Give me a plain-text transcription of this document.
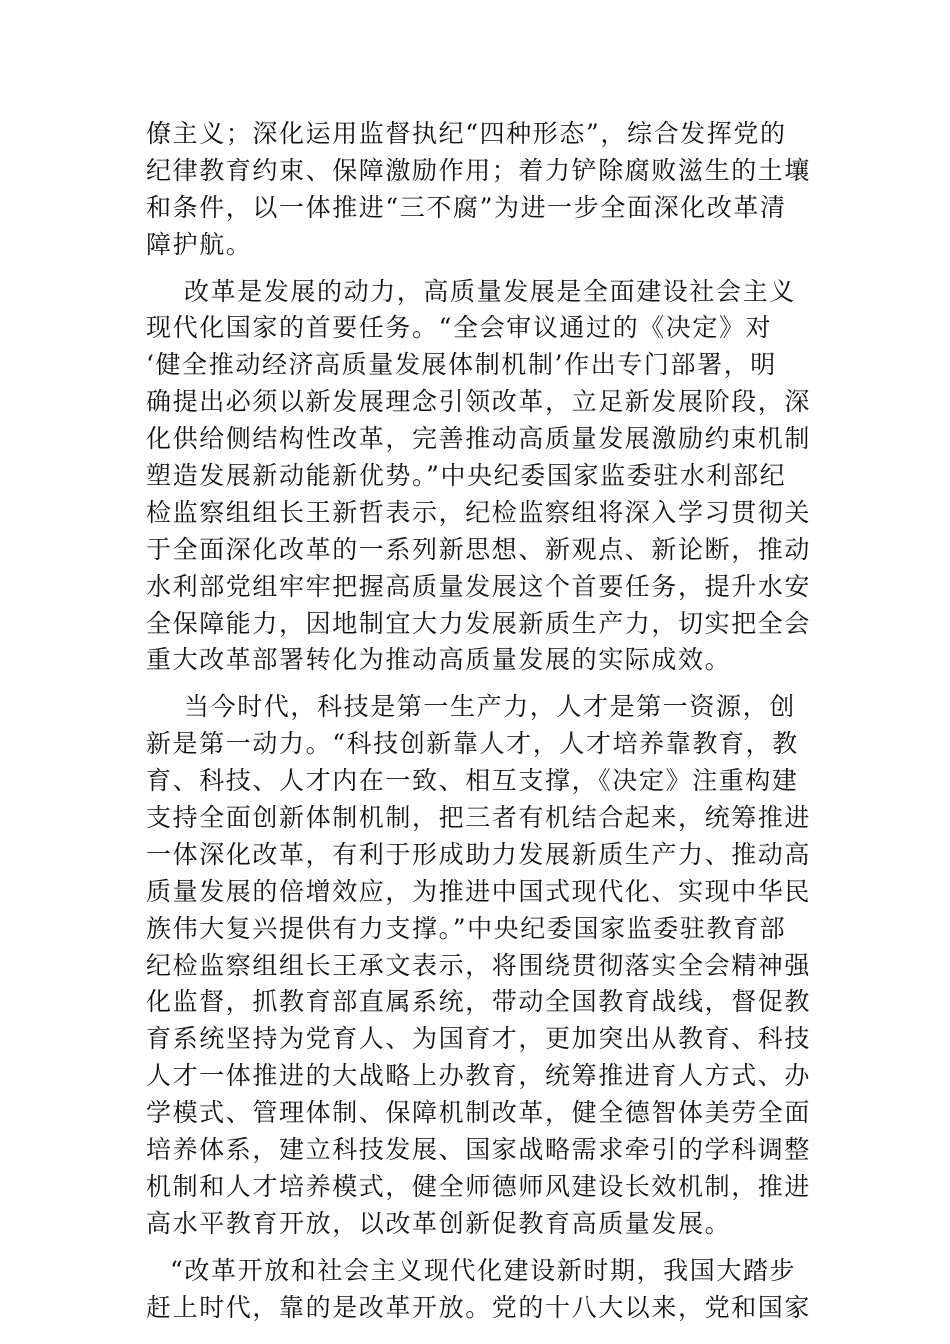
僚主义；深化运用监督执纪“四种形态”，综合发挥党的
纪律教育约束、保障激励作用；着力铲除腐败滋生的土壤
和条件，以一体推进“三不腐”为进一步全面深化改革清
障护航。
改革是发展的动力，高质量发展是全面建设社会主义
现代化国家的首要任务。“全会审议通过的《决定》对
‘健全推动经济高质量发展体制机制’作出专门部署，明
确提出必须以新发展理念引领改革，立足新发展阶段，深
化供给侧结构性改革，完善推动高质量发展激励约束机制
塑造发展新动能新优势。”中央纪委国家监委驻水利部纪
检监察组组长王新哲表示，纪检监察组将深入学习贯彻关
于全面深化改革的一系列新思想、新观点、新论断，推动
水利部党组牢牢把握高质量发展这个首要任务，提升水安
全保障能力，因地制宜大力发展新质生产力，切实把全会
重大改革部署转化为推动高质量发展的实际成效。
当今时代，科技是第一生产力，人才是第一资源，创
新是第一动力。“科技创新靠人才，人才培养靠教育，教
育、科技、人才内在一致、相互支撑，《决定》注重构建
支持全面创新体制机制，把三者有机结合起来，统筹推进
一体深化改革，有利于形成助力发展新质生产力、推动高
质量发展的倍增效应，为推进中国式现代化、实现中华民
族伟大复兴提供有力支撑。”中央纪委国家监委驻教育部
纪检监察组组长王承文表示，将围绕贯彻落实全会精神强
化监督，抓教育部直属系统，带动全国教育战线，督促教
育系统坚持为党育人、为国育才，更加突出从教育、科技
人才一体推进的大战略上办教育，统筹推进育人方式、办
学模式、管理体制、保障机制改革，健全德智体美劳全面
培养体系，建立科技发展、国家战略需求牵引的学科调整
机制和人才培养模式，健全师德师风建设长效机制，推进
高水平教育开放，以改革创新促教育高质量发展。
“改革开放和社会主义现代化建设新时期，我国大踏步
赶上时代，靠的是改革开放。党的十八大以来，党和国家
